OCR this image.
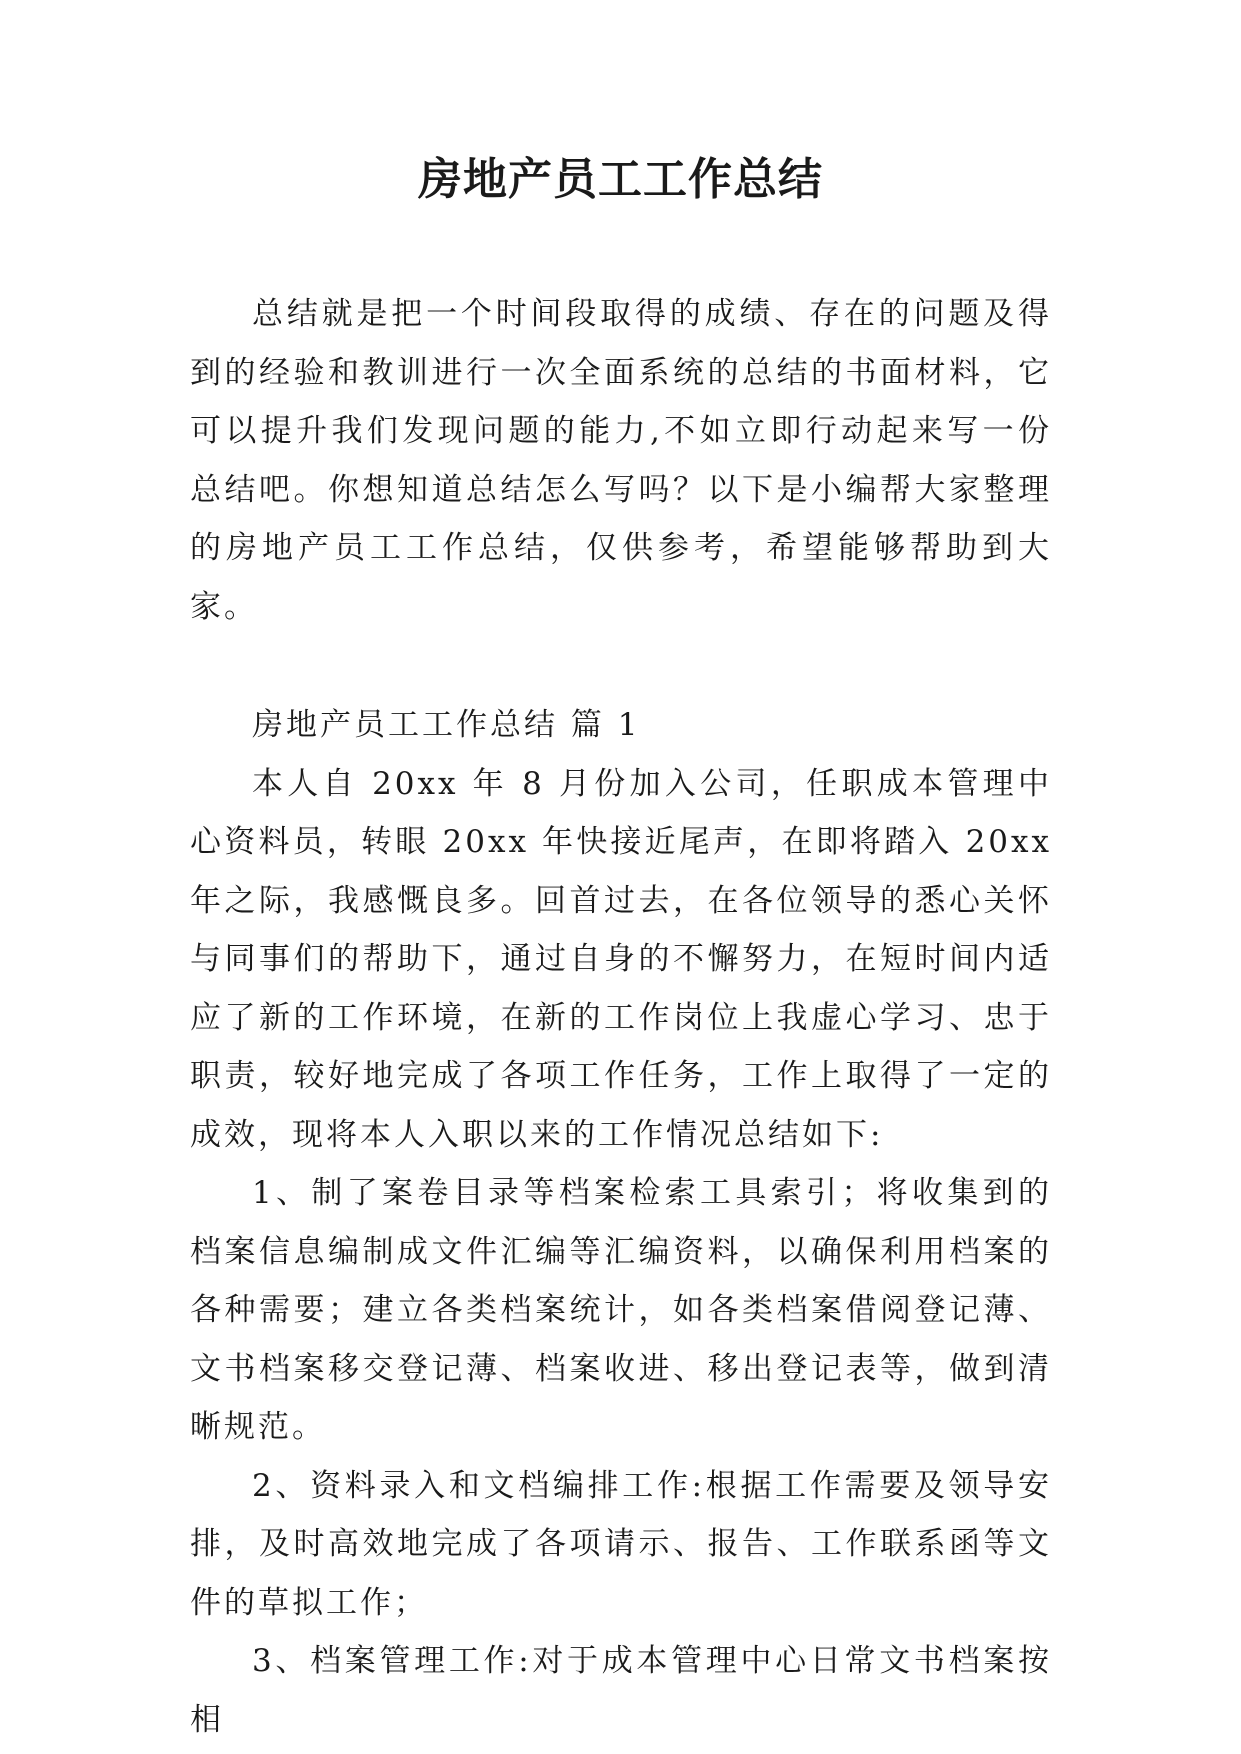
房地产员工工作总结

总结就是把一个时间段取得的成绩、存在的问题及得到的经验和教训进行一次全面系统的总结的书面材料，它可以提升我们发现问题的能力,不如立即行动起来写一份总结吧。你想知道总结怎么写吗？以下是小编帮大家整理的房地产员工工作总结，仅供参考，希望能够帮助到大家。

房地产员工工作总结 篇 1

本人自 20xx 年 8 月份加入公司，任职成本管理中心资料员，转眼 20xx 年快接近尾声，在即将踏入 20xx 年之际，我感慨良多。回首过去，在各位领导的悉心关怀与同事们的帮助下，通过自身的不懈努力，在短时间内适应了新的工作环境，在新的工作岗位上我虚心学习、忠于职责，较好地完成了各项工作任务，工作上取得了一定的成效，现将本人入职以来的工作情况总结如下:

1、制了案卷目录等档案检索工具索引；将收集到的档案信息编制成文件汇编等汇编资料，以确保利用档案的各种需要；建立各类档案统计，如各类档案借阅登记薄、文书档案移交登记薄、档案收进、移出登记表等，做到清晰规范。

2、资料录入和文档编排工作:根据工作需要及领导安排，及时高效地完成了各项请示、报告、工作联系函等文件的草拟工作；

3、档案管理工作:对于成本管理中心日常文书档案按相
